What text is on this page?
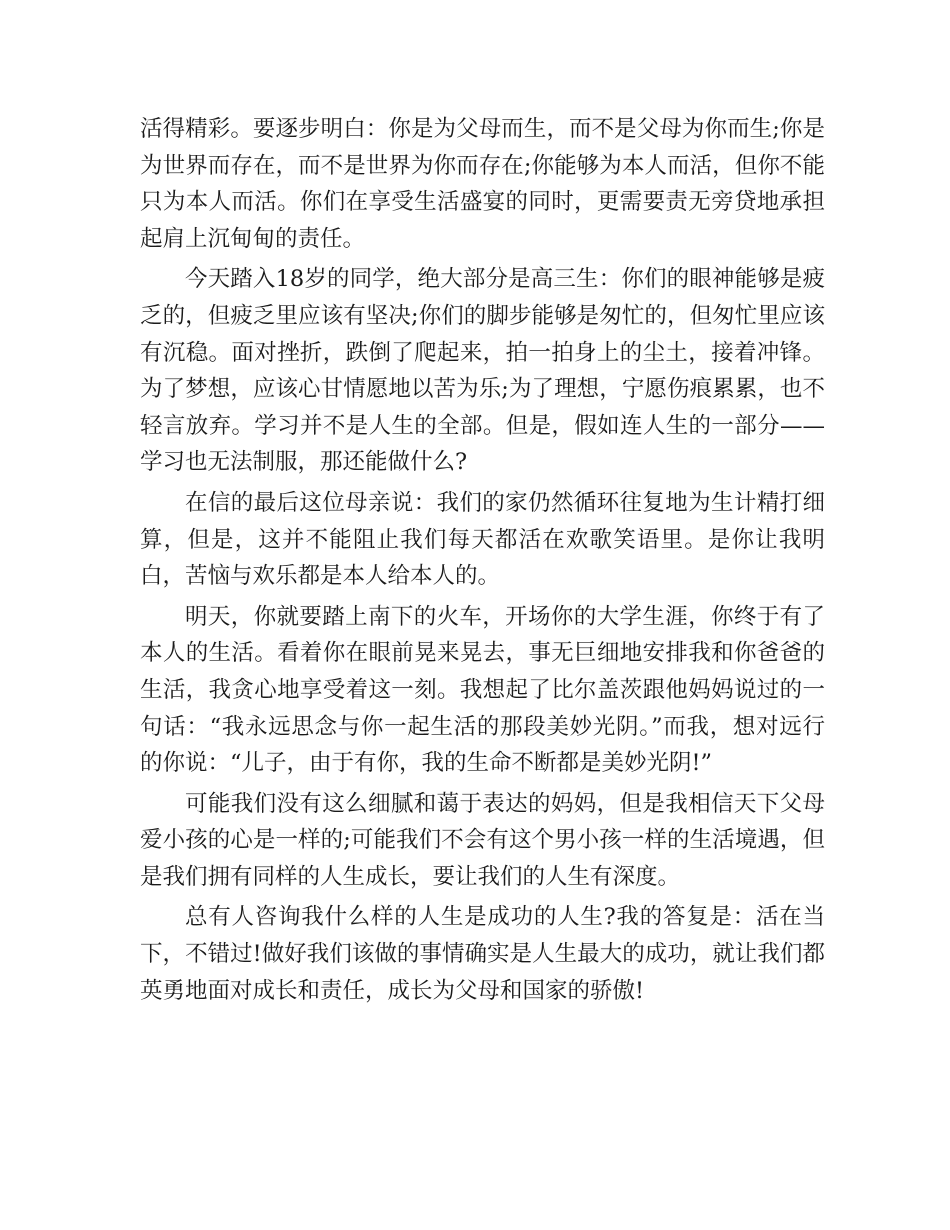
活得精彩。要逐步明白：你是为父母而生，而不是父母为你而生;你是为世界而存在，而不是世界为你而存在;你能够为本人而活，但你不能只为本人而活。你们在享受生活盛宴的同时，更需要责无旁贷地承担起肩上沉甸甸的责任。

今天踏入18岁的同学，绝大部分是高三生：你们的眼神能够是疲乏的，但疲乏里应该有坚决;你们的脚步能够是匆忙的，但匆忙里应该有沉稳。面对挫折，跌倒了爬起来，拍一拍身上的尘土，接着冲锋。为了梦想，应该心甘情愿地以苦为乐;为了理想，宁愿伤痕累累，也不轻言放弃。学习并不是人生的全部。但是，假如连人生的一部分——学习也无法制服，那还能做什么?

在信的最后这位母亲说：我们的家仍然循环往复地为生计精打细算，但是，这并不能阻止我们每天都活在欢歌笑语里。是你让我明白，苦恼与欢乐都是本人给本人的。

明天，你就要踏上南下的火车，开场你的大学生涯，你终于有了本人的生活。看着你在眼前晃来晃去，事无巨细地安排我和你爸爸的生活，我贪心地享受着这一刻。我想起了比尔盖茨跟他妈妈说过的一句话：“我永远思念与你一起生活的那段美妙光阴。”而我，想对远行的你说：“儿子，由于有你，我的生命不断都是美妙光阴!”

可能我们没有这么细腻和蔼于表达的妈妈，但是我相信天下父母爱小孩的心是一样的;可能我们不会有这个男小孩一样的生活境遇，但是我们拥有同样的人生成长，要让我们的人生有深度。

总有人咨询我什么样的人生是成功的人生?我的答复是：活在当下，不错过!做好我们该做的事情确实是人生最大的成功，就让我们都英勇地面对成长和责任，成长为父母和国家的骄傲!
